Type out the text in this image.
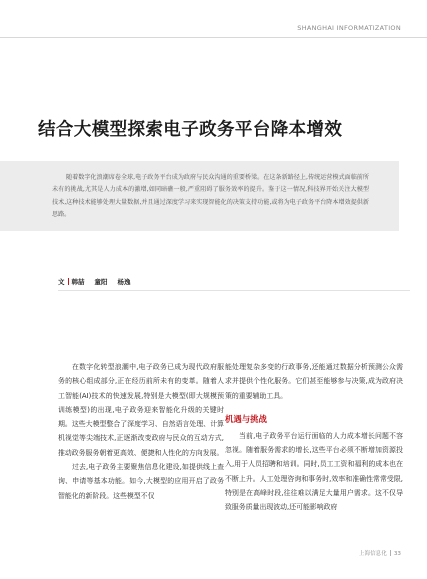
SHANGHAI INFORMATIZATION
结合大模型探索电子政务平台降本增效

随着数字化浪潮席卷全球,电子政务平台成为政府与民众沟通的重要桥梁。在这条新路径上,传统运营模式面临前所未有的挑战,尤其是人力成本的激增,如同暗礁一般,严重阻碍了服务效率的提升。鉴于这一情况,科技界开始关注大模型技术,这种技术能够处理大量数据,并且通过深度学习来实现智能化的决策支持功能,或将为电子政务平台降本增效提供新思路。

文 韩喆 童阳 杨逸

在数字化转型浪潮中,电子政务已成为现代政府服务的核心组成部分,正在经历前所未有的变革。随着人工智能(AI)技术的快速发展,特别是大模型(即大规模预训练模型)的出现,电子政务迎来智能化升级的关键时期。这些大模型整合了深度学习、自然语言处理、计算机视觉等尖端技术,正逐渐改变政府与民众的互动方式,推动政务服务朝着更高效、便捷和人性化的方向发展。

过去,电子政务主要聚焦信息化建设,如提供线上查询、申请等基本功能。如今,大模型的应用开启了政务智能化的新阶段。这些模型不仅

能处理复杂多变的行政事务,还能通过数据分析预测公众需求并提供个性化服务。它们甚至能够参与决策,成为政府决策的重要辅助工具。

机遇与挑战

当前,电子政务平台运行面临的人力成本增长问题不容忽视。随着服务需求的增长,这些平台必须不断增加资源投入,用于人员招聘和培训。同时,员工工资和福利的成本也在不断上升。人工处理咨询和事务时,效率和准确性常常受限,特别是在高峰时段,往往难以满足大量用户需求。这不仅导致服务质量出现波动,还可能影响政府

上海信息化 33
